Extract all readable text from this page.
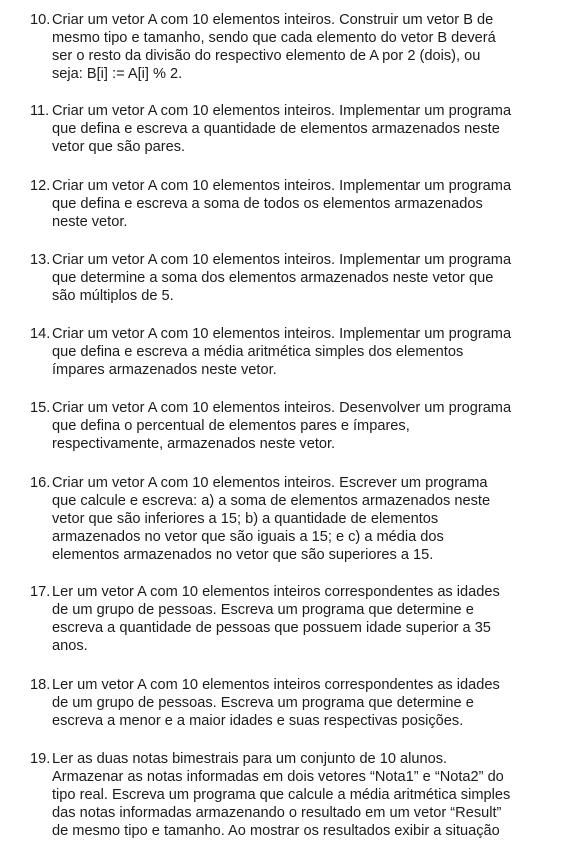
10. Criar um vetor A com 10 elementos inteiros. Construir um vetor B de
mesmo tipo e tamanho, sendo que cada elemento do vetor B deverá
ser o resto da divisão do respectivo elemento de A por 2 (dois), ou
seja: B[i] := A[i] % 2.
11. Criar um vetor A com 10 elementos inteiros. Implementar um programa
que defina e escreva a quantidade de elementos armazenados neste
vetor que são pares.
12. Criar um vetor A com 10 elementos inteiros. Implementar um programa
que defina e escreva a soma de todos os elementos armazenados
neste vetor.
13. Criar um vetor A com 10 elementos inteiros. Implementar um programa
que determine a soma dos elementos armazenados neste vetor que
são múltiplos de 5.
14. Criar um vetor A com 10 elementos inteiros. Implementar um programa
que defina e escreva a média aritmética simples dos elementos
ímpares armazenados neste vetor.
15. Criar um vetor A com 10 elementos inteiros. Desenvolver um programa
que defina o percentual de elementos pares e ímpares,
respectivamente, armazenados neste vetor.
16. Criar um vetor A com 10 elementos inteiros. Escrever um programa
que calcule e escreva: a) a soma de elementos armazenados neste
vetor que são inferiores a 15; b) a quantidade de elementos
armazenados no vetor que são iguais a 15; e c) a média dos
elementos armazenados no vetor que são superiores a 15.
17. Ler um vetor A com 10 elementos inteiros correspondentes as idades
de um grupo de pessoas. Escreva um programa que determine e
escreva a quantidade de pessoas que possuem idade superior a 35
anos.
18. Ler um vetor A com 10 elementos inteiros correspondentes as idades
de um grupo de pessoas. Escreva um programa que determine e
escreva a menor e a maior idades e suas respectivas posições.
19. Ler as duas notas bimestrais para um conjunto de 10 alunos.
Armazenar as notas informadas em dois vetores “Nota1” e “Nota2” do
tipo real. Escreva um programa que calcule a média aritmética simples
das notas informadas armazenando o resultado em um vetor “Result”
de mesmo tipo e tamanho. Ao mostrar os resultados exibir a situação
